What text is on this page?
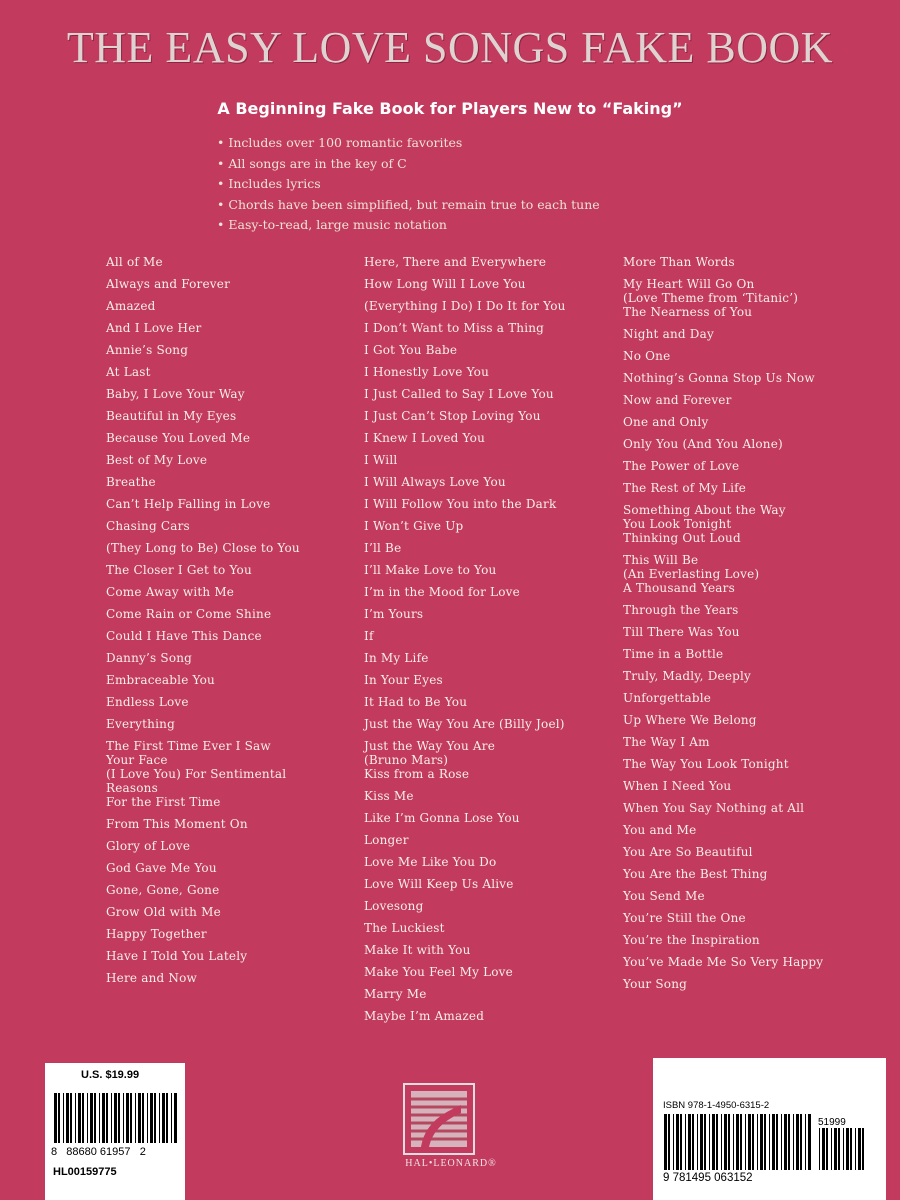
THE EASY LOVE SONGS FAKE BOOK
A Beginning Fake Book for Players New to “Faking”
• Includes over 100 romantic favorites
• All songs are in the key of C
• Includes lyrics
• Chords have been simplified, but remain true to each tune
• Easy-to-read, large music notation
All of Me
Always and Forever
Amazed
And I Love Her
Annie’s Song
At Last
Baby, I Love Your Way
Beautiful in My Eyes
Because You Loved Me
Best of My Love
Breathe
Can’t Help Falling in Love
Chasing Cars
(They Long to Be) Close to You
The Closer I Get to You
Come Away with Me
Come Rain or Come Shine
Could I Have This Dance
Danny’s Song
Embraceable You
Endless Love
Everything
The First Time Ever I Saw
Your Face
(I Love You) For Sentimental
Reasons
For the First Time
From This Moment On
Glory of Love
God Gave Me You
Gone, Gone, Gone
Grow Old with Me
Happy Together
Have I Told You Lately
Here and Now
Here, There and Everywhere
How Long Will I Love You
(Everything I Do) I Do It for You
I Don’t Want to Miss a Thing
I Got You Babe
I Honestly Love You
I Just Called to Say I Love You
I Just Can’t Stop Loving You
I Knew I Loved You
I Will
I Will Always Love You
I Will Follow You into the Dark
I Won’t Give Up
I’ll Be
I’ll Make Love to You
I’m in the Mood for Love
I’m Yours
If
In My Life
In Your Eyes
It Had to Be You
Just the Way You Are (Billy Joel)
Just the Way You Are
(Bruno Mars)
Kiss from a Rose
Kiss Me
Like I’m Gonna Lose You
Longer
Love Me Like You Do
Love Will Keep Us Alive
Lovesong
The Luckiest
Make It with You
Make You Feel My Love
Marry Me
Maybe I’m Amazed
More Than Words
My Heart Will Go On
(Love Theme from ‘Titanic’)
The Nearness of You
Night and Day
No One
Nothing’s Gonna Stop Us Now
Now and Forever
One and Only
Only You (And You Alone)
The Power of Love
The Rest of My Life
Something About the Way
You Look Tonight
Thinking Out Loud
This Will Be
(An Everlasting Love)
A Thousand Years
Through the Years
Till There Was You
Time in a Bottle
Truly, Madly, Deeply
Unforgettable
Up Where We Belong
The Way I Am
The Way You Look Tonight
When I Need You
When You Say Nothing at All
You and Me
You Are So Beautiful
You Are the Best Thing
You Send Me
You’re Still the One
You’re the Inspiration
You’ve Made Me So Very Happy
Your Song
U.S. $19.99
8   88680 61957   2
HL00159775
ISBN 978-1-4950-6315-2
51999
9 781495 063152
HAL•LEONARD®
